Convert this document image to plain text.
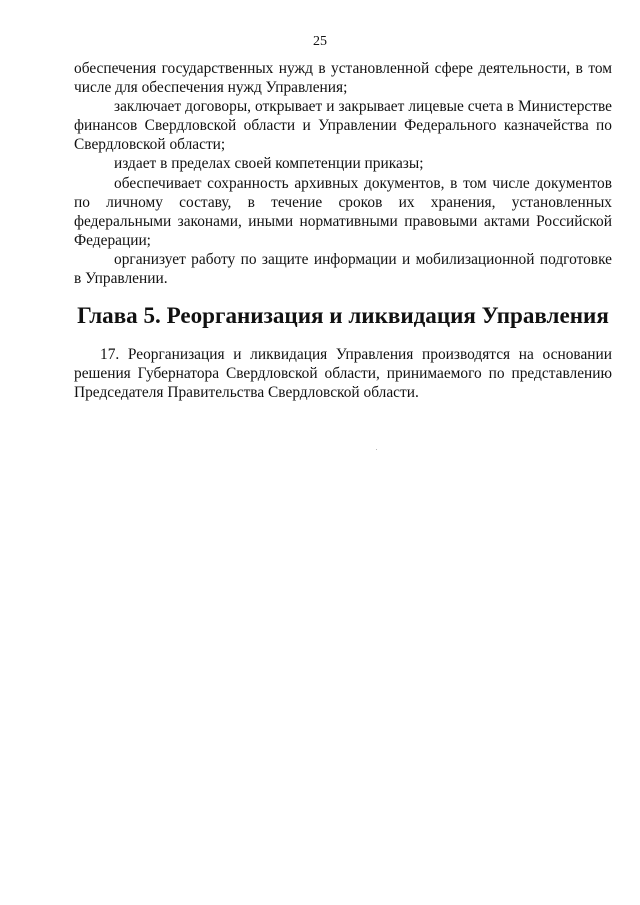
25

обеспечения государственных нужд в установленной сфере деятельности, в том числе для обеспечения нужд Управления;

заключает договоры, открывает и закрывает лицевые счета в Министерстве финансов Свердловской области и Управлении Федерального казначейства по Свердловской области;

издает в пределах своей компетенции приказы;

обеспечивает сохранность архивных документов, в том числе документов по личному составу, в течение сроков их хранения, установленных федеральными законами, иными нормативными правовыми актами Российской Федерации;

организует работу по защите информации и мобилизационной подготовке в Управлении.

Глава 5. Реорганизация и ликвидация Управления

17. Реорганизация и ликвидация Управления производятся на основании решения Губернатора Свердловской области, принимаемого по представлению Председателя Правительства Свердловской области.
